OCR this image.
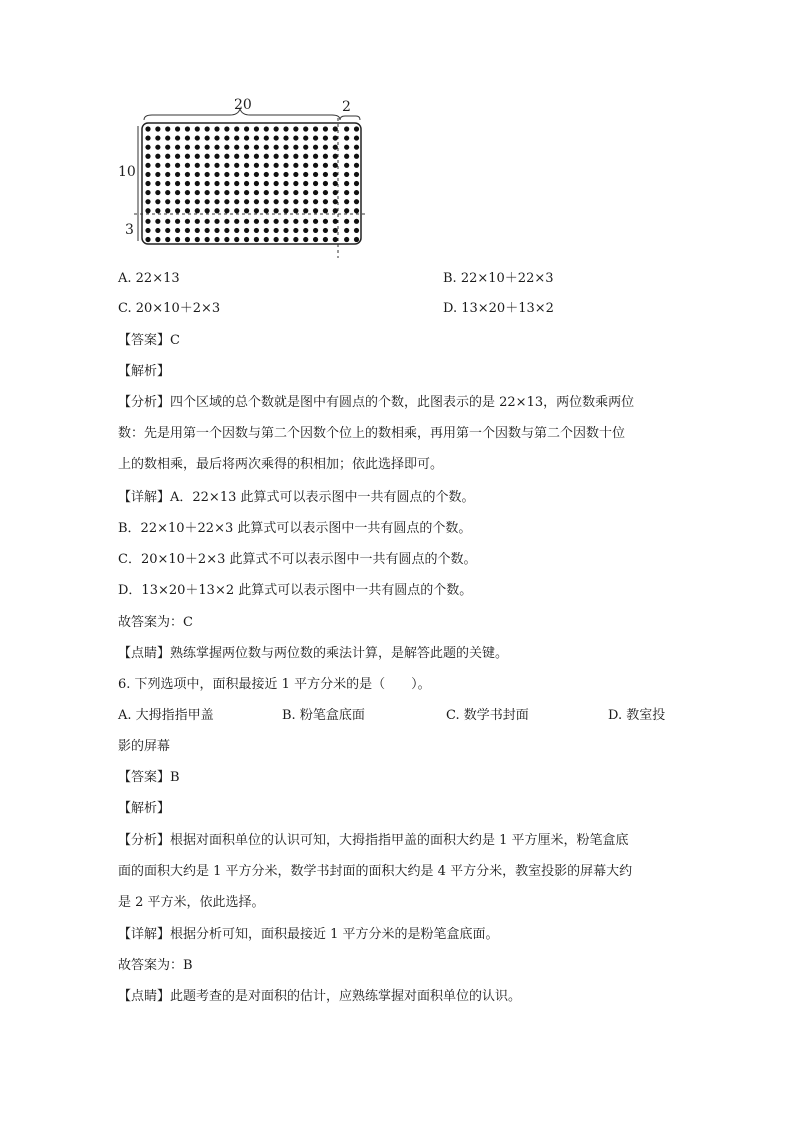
20	2
10
3
A. 22×13	B. 22×10＋22×3
C. 20×10＋2×3	D. 13×20＋13×2
【答案】C
【解析】
【分析】四个区域的总个数就是图中有圆点的个数，此图表示的是 22×13，两位数乘两位
数：先是用第一个因数与第二个因数个位上的数相乘，再用第一个因数与第二个因数十位
上的数相乘，最后将两次乘得的积相加；依此选择即可。
【详解】A．22×13 此算式可以表示图中一共有圆点的个数。
B．22×10＋22×3 此算式可以表示图中一共有圆点的个数。
C．20×10＋2×3 此算式不可以表示图中一共有圆点的个数。
D．13×20＋13×2 此算式可以表示图中一共有圆点的个数。
故答案为：C
【点睛】熟练掌握两位数与两位数的乘法计算，是解答此题的关键。
6. 下列选项中，面积最接近 1 平方分米的是（　　）。
A. 大拇指指甲盖	B. 粉笔盒底面	C. 数学书封面	D. 教室投
影的屏幕
【答案】B
【解析】
【分析】根据对面积单位的认识可知，大拇指指甲盖的面积大约是 1 平方厘米，粉笔盒底
面的面积大约是 1 平方分米，数学书封面的面积大约是 4 平方分米，教室投影的屏幕大约
是 2 平方米，依此选择。
【详解】根据分析可知，面积最接近 1 平方分米的是粉笔盒底面。
故答案为：B
【点睛】此题考查的是对面积的估计，应熟练掌握对面积单位的认识。
